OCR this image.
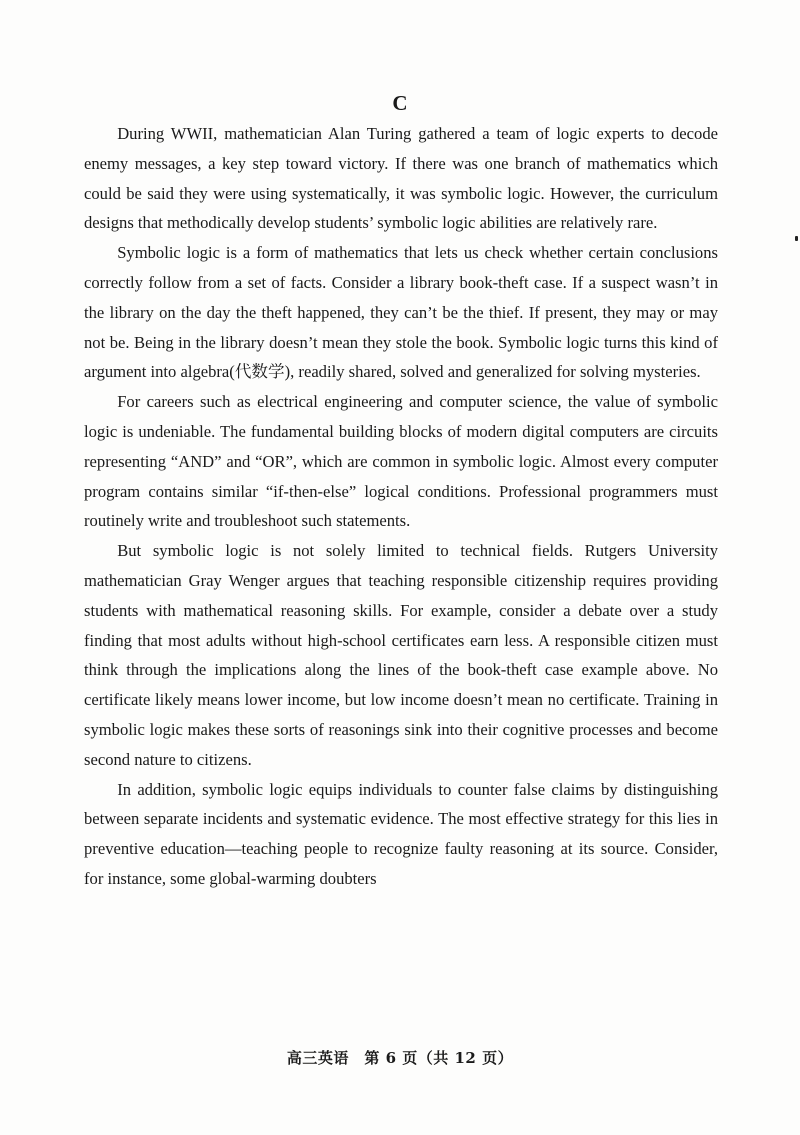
C

During WWII, mathematician Alan Turing gathered a team of logic experts to decode enemy messages, a key step toward victory. If there was one branch of mathematics which could be said they were using systematically, it was symbolic logic. However, the curriculum designs that methodically develop students’ symbolic logic abilities are relatively rare.

Symbolic logic is a form of mathematics that lets us check whether certain conclusions correctly follow from a set of facts. Consider a library book-theft case. If a suspect wasn’t in the library on the day the theft happened, they can’t be the thief. If present, they may or may not be. Being in the library doesn’t mean they stole the book. Symbolic logic turns this kind of argument into algebra(代数学), readily shared, solved and generalized for solving mysteries.

For careers such as electrical engineering and computer science, the value of symbolic logic is undeniable. The fundamental building blocks of modern digital computers are circuits representing “AND” and “OR”, which are common in symbolic logic. Almost every computer program contains similar “if-then-else” logical conditions. Professional programmers must routinely write and troubleshoot such statements.

But symbolic logic is not solely limited to technical fields. Rutgers University mathematician Gray Wenger argues that teaching responsible citizenship requires providing students with mathematical reasoning skills. For example, consider a debate over a study finding that most adults without high-school certificates earn less. A responsible citizen must think through the implications along the lines of the book-theft case example above. No certificate likely means lower income, but low income doesn’t mean no certificate. Training in symbolic logic makes these sorts of reasonings sink into their cognitive processes and become second nature to citizens.

In addition, symbolic logic equips individuals to counter false claims by distinguishing between separate incidents and systematic evidence. The most effective strategy for this lies in preventive education—teaching people to recognize faulty reasoning at its source. Consider, for instance, some global-warming doubters

高三英语　第 6 页（共 12 页）
